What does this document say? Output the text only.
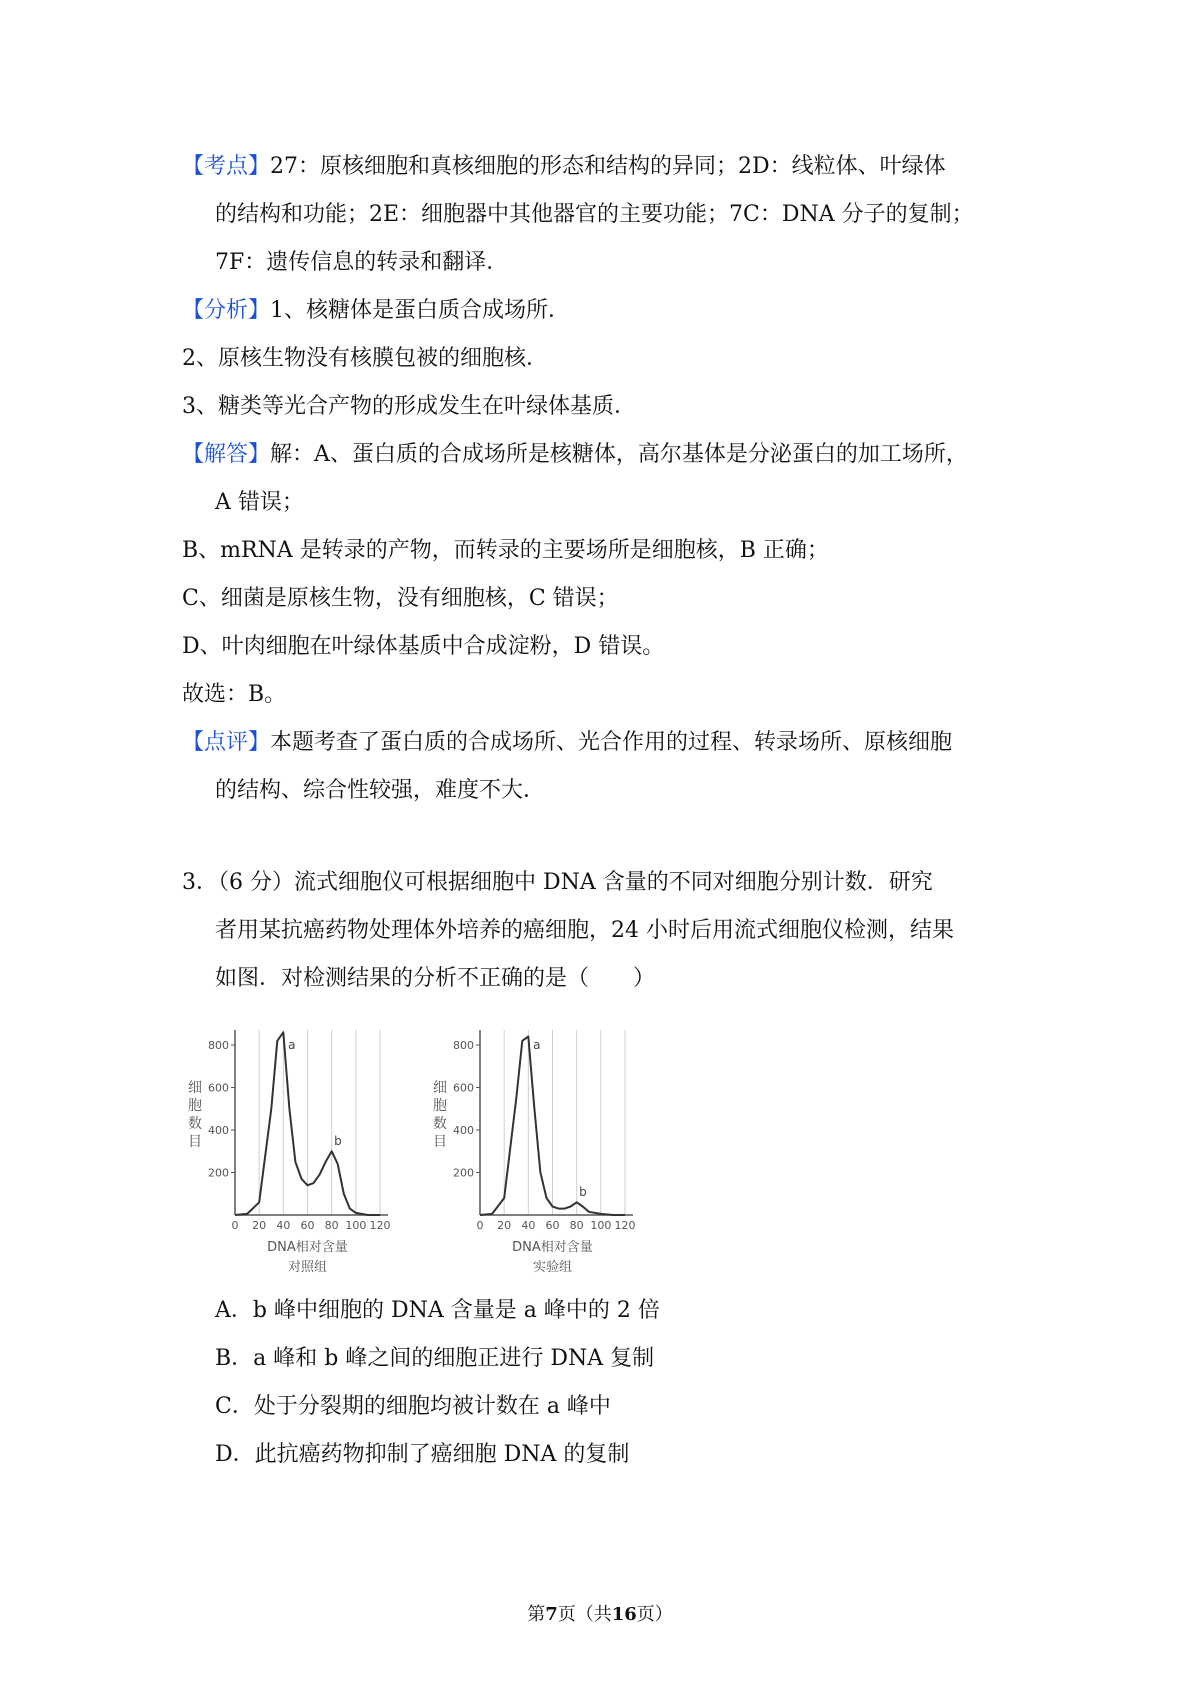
【考点】27：原核细胞和真核细胞的形态和结构的异同；2D：线粒体、叶绿体
的结构和功能；2E：细胞器中其他器官的主要功能；7C：DNA 分子的复制；
7F：遗传信息的转录和翻译．
【分析】1、核糖体是蛋白质合成场所．
2、原核生物没有核膜包被的细胞核．
3、糖类等光合产物的形成发生在叶绿体基质．
【解答】解：A、蛋白质的合成场所是核糖体，高尔基体是分泌蛋白的加工场所，
A 错误；
B、mRNA 是转录的产物，而转录的主要场所是细胞核，B 正确；
C、细菌是原核生物，没有细胞核，C 错误；
D、叶肉细胞在叶绿体基质中合成淀粉，D 错误。
故选：B。
【点评】本题考查了蛋白质的合成场所、光合作用的过程、转录场所、原核细胞
的结构、综合性较强，难度不大．
3．（6 分）流式细胞仪可根据细胞中 DNA 含量的不同对细胞分别计数．研究
者用某抗癌药物处理体外培养的癌细胞，24 小时后用流式细胞仪检测，结果
如图．对检测结果的分析不正确的是（　　）
200
400
600
800
0 20 40 60 80 100 120
细
胞
数
目
a
b
DNA相对含量
对照组
200
400
600
800
0 20 40 60 80 100 120
细
胞
数
目
a
b
DNA相对含量
实验组
A．b 峰中细胞的 DNA 含量是 a 峰中的 2 倍
B．a 峰和 b 峰之间的细胞正进行 DNA 复制
C．处于分裂期的细胞均被计数在 a 峰中
D．此抗癌药物抑制了癌细胞 DNA 的复制
第7页（共16页）
